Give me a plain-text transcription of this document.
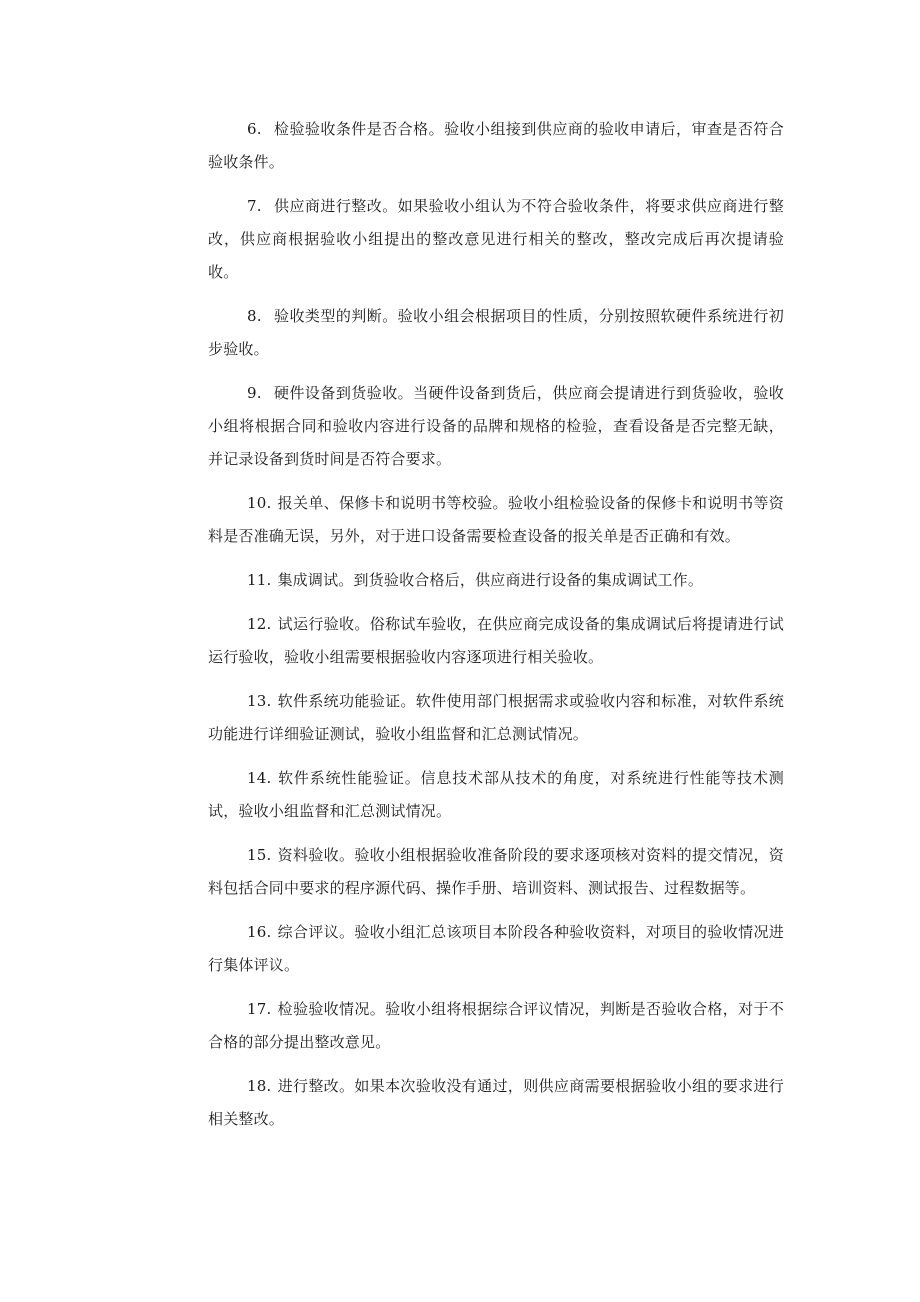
6. 检验验收条件是否合格。验收小组接到供应商的验收申请后，审查是否符合验收条件。

7. 供应商进行整改。如果验收小组认为不符合验收条件，将要求供应商进行整改，供应商根据验收小组提出的整改意见进行相关的整改，整改完成后再次提请验收。

8. 验收类型的判断。验收小组会根据项目的性质，分别按照软硬件系统进行初步验收。

9. 硬件设备到货验收。当硬件设备到货后，供应商会提请进行到货验收，验收小组将根据合同和验收内容进行设备的品牌和规格的检验，查看设备是否完整无缺，并记录设备到货时间是否符合要求。

10. 报关单、保修卡和说明书等校验。验收小组检验设备的保修卡和说明书等资料是否准确无误，另外，对于进口设备需要检查设备的报关单是否正确和有效。

11. 集成调试。到货验收合格后，供应商进行设备的集成调试工作。

12. 试运行验收。俗称试车验收，在供应商完成设备的集成调试后将提请进行试运行验收，验收小组需要根据验收内容逐项进行相关验收。

13. 软件系统功能验证。软件使用部门根据需求或验收内容和标准，对软件系统功能进行详细验证测试，验收小组监督和汇总测试情况。

14. 软件系统性能验证。信息技术部从技术的角度，对系统进行性能等技术测试，验收小组监督和汇总测试情况。

15. 资料验收。验收小组根据验收准备阶段的要求逐项核对资料的提交情况，资料包括合同中要求的程序源代码、操作手册、培训资料、测试报告、过程数据等。

16. 综合评议。验收小组汇总该项目本阶段各种验收资料，对项目的验收情况进行集体评议。

17. 检验验收情况。验收小组将根据综合评议情况，判断是否验收合格，对于不合格的部分提出整改意见。

18. 进行整改。如果本次验收没有通过，则供应商需要根据验收小组的要求进行相关整改。
